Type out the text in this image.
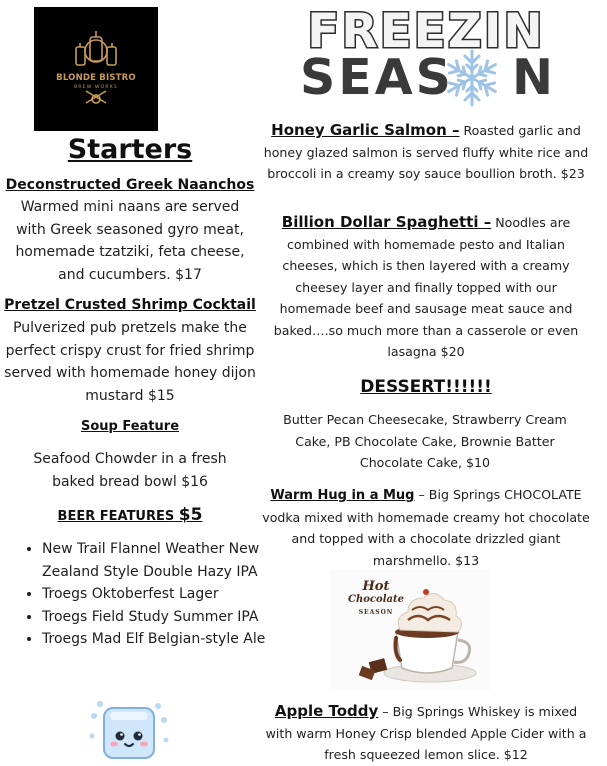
BLONDE BISTRO
BREW WORKS
FREEZIN
SEAS N
Starters
Deconstructed Greek Naanchos
Warmed mini naans are served with Greek seasoned gyro meat, homemade tzatziki, feta cheese, and cucumbers. $17
Pretzel Crusted Shrimp Cocktail
Pulverized pub pretzels make the perfect crispy crust for fried shrimp served with homemade honey dijon mustard $15
Soup Feature
Seafood Chowder in a fresh baked bread bowl $16
BEER FEATURES $5
• New Trail Flannel Weather New Zealand Style Double Hazy IPA
• Troegs Oktoberfest Lager
• Troegs Field Study Summer IPA
• Troegs Mad Elf Belgian-style Ale
Honey Garlic Salmon – Roasted garlic and honey glazed salmon is served fluffy white rice and broccoli in a creamy soy sauce boullion broth. $23
Billion Dollar Spaghetti – Noodles are combined with homemade pesto and Italian cheeses, which is then layered with a creamy cheesey layer and finally topped with our homemade beef and sausage meat sauce and baked….so much more than a casserole or even lasagna $20
DESSERT!!!!!!
Butter Pecan Cheesecake, Strawberry Cream Cake, PB Chocolate Cake, Brownie Batter Chocolate Cake, $10
Warm Hug in a Mug – Big Springs CHOCOLATE vodka mixed with homemade creamy hot chocolate and topped with a chocolate drizzled giant marshmello. $13
Hot
Chocolate
SEASON
Apple Toddy – Big Springs Whiskey is mixed with warm Honey Crisp blended Apple Cider with a fresh squeezed lemon slice. $12
